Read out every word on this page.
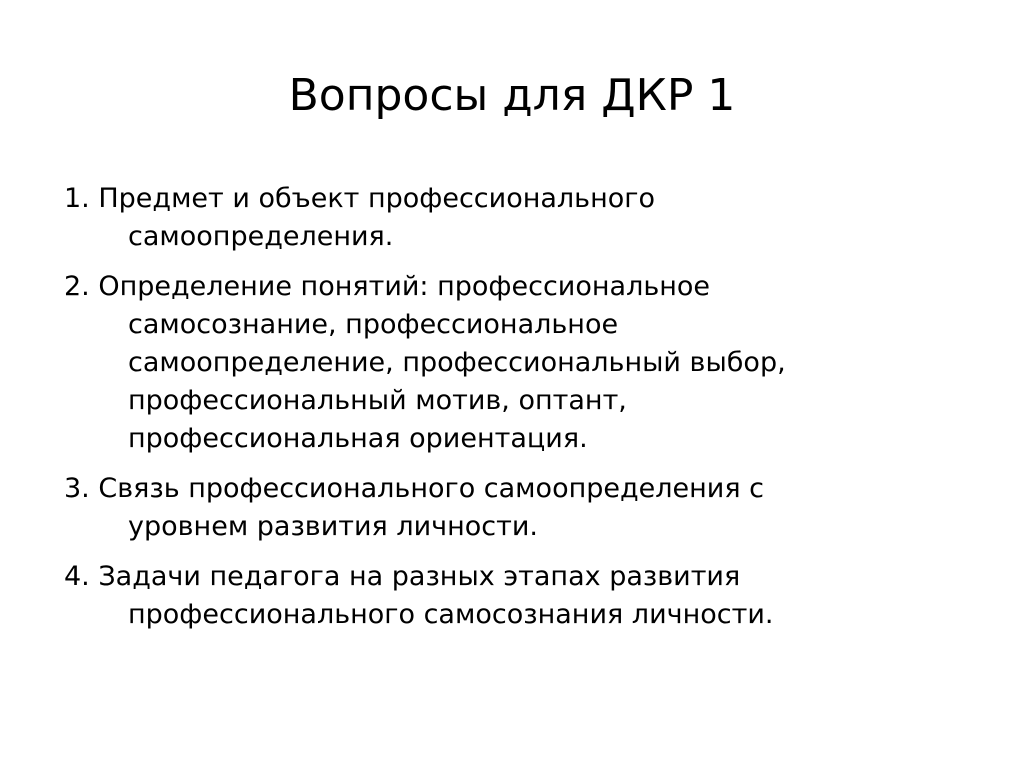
Вопросы для ДКР 1
1. Предмет и объект профессионального
самоопределения.
2. Определение понятий: профессиональное
самосознание, профессиональное
самоопределение, профессиональный выбор,
профессиональный мотив, оптант,
профессиональная ориентация.
3. Связь профессионального самоопределения с
уровнем развития личности.
4. Задачи педагога на разных этапах развития
профессионального самосознания личности.
